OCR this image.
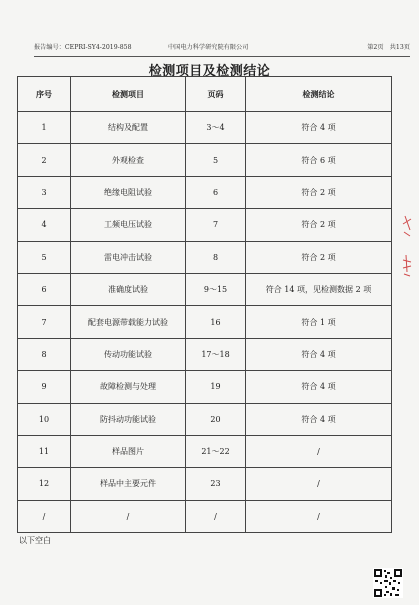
报告编号：CEPRI-SY4-2019-858	中国电力科学研究院有限公司	第2页　共13页
检测项目及检测结论
序号	检测项目	页码	检测结论
1	结构及配置	3～4	符合 4 项
2	外观检查	5	符合 6 项
3	绝缘电阻试验	6	符合 2 项
4	工频电压试验	7	符合 2 项
5	雷电冲击试验	8	符合 2 项
6	准确度试验	9～15	符合 14 项，见检测数据 2 项
7	配套电源带载能力试验	16	符合 1 项
8	传动功能试验	17～18	符合 4 项
9	故障检测与处理	19	符合 4 项
10	防抖动功能试验	20	符合 4 项
11	样品图片	21～22	/
12	样品中主要元件	23	/
/	/	/	/
以下空白
